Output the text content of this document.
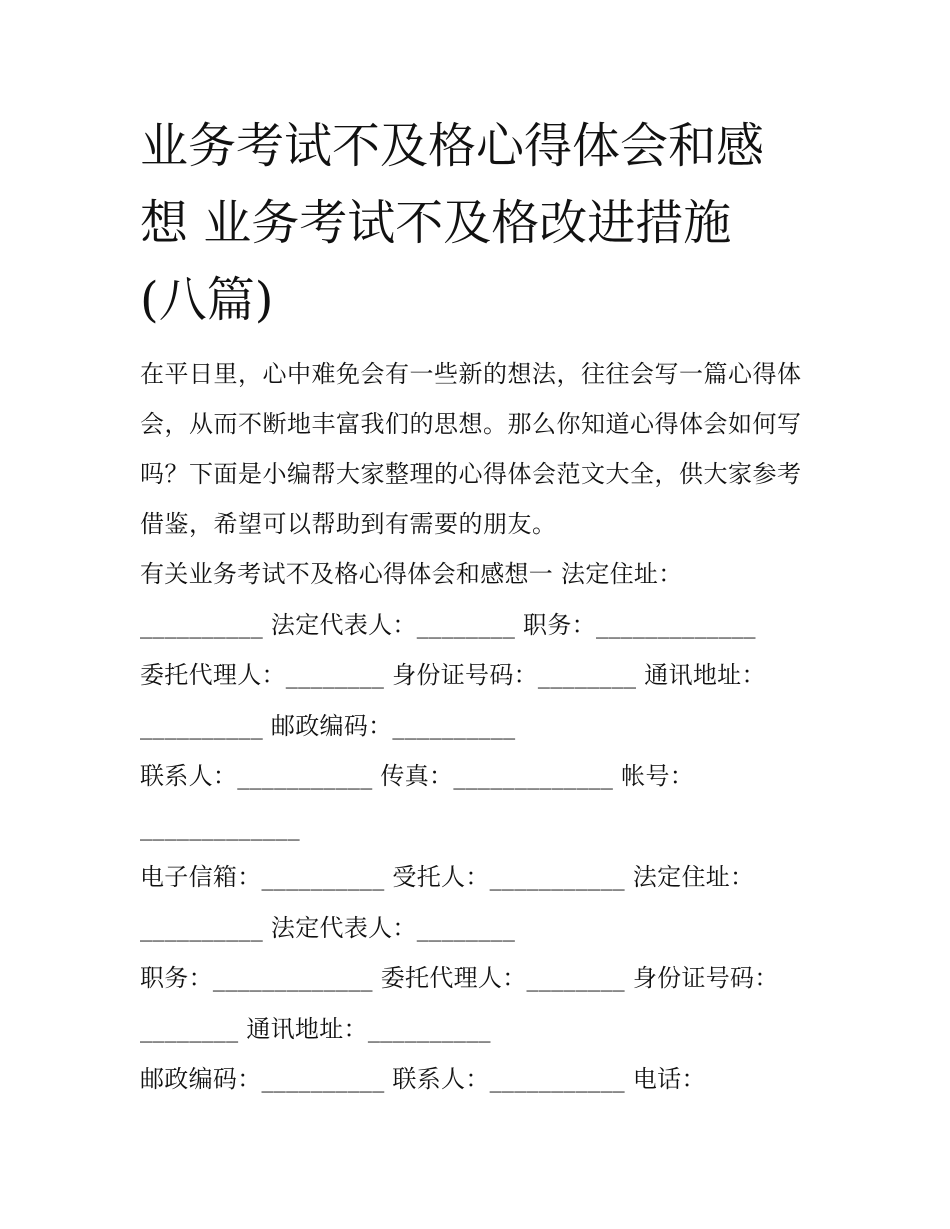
业务考试不及格心得体会和感
想 业务考试不及格改进措施
(八篇)

在平日里，心中难免会有一些新的想法，往往会写一篇心得体
会，从而不断地丰富我们的思想。那么你知道心得体会如何写
吗？下面是小编帮大家整理的心得体会范文大全，供大家参考
借鉴，希望可以帮助到有需要的朋友。

有关业务考试不及格心得体会和感想一 法定住址：
__________ 法定代表人：________ 职务：_____________
委托代理人：________ 身份证号码：________ 通讯地址：
__________ 邮政编码：__________
联系人：___________ 传真：_____________ 帐号：
_____________
电子信箱：__________ 受托人：___________ 法定住址：
__________ 法定代表人：________
职务：_____________ 委托代理人：________ 身份证号码：
________ 通讯地址：__________
邮政编码：__________ 联系人：___________ 电话：
